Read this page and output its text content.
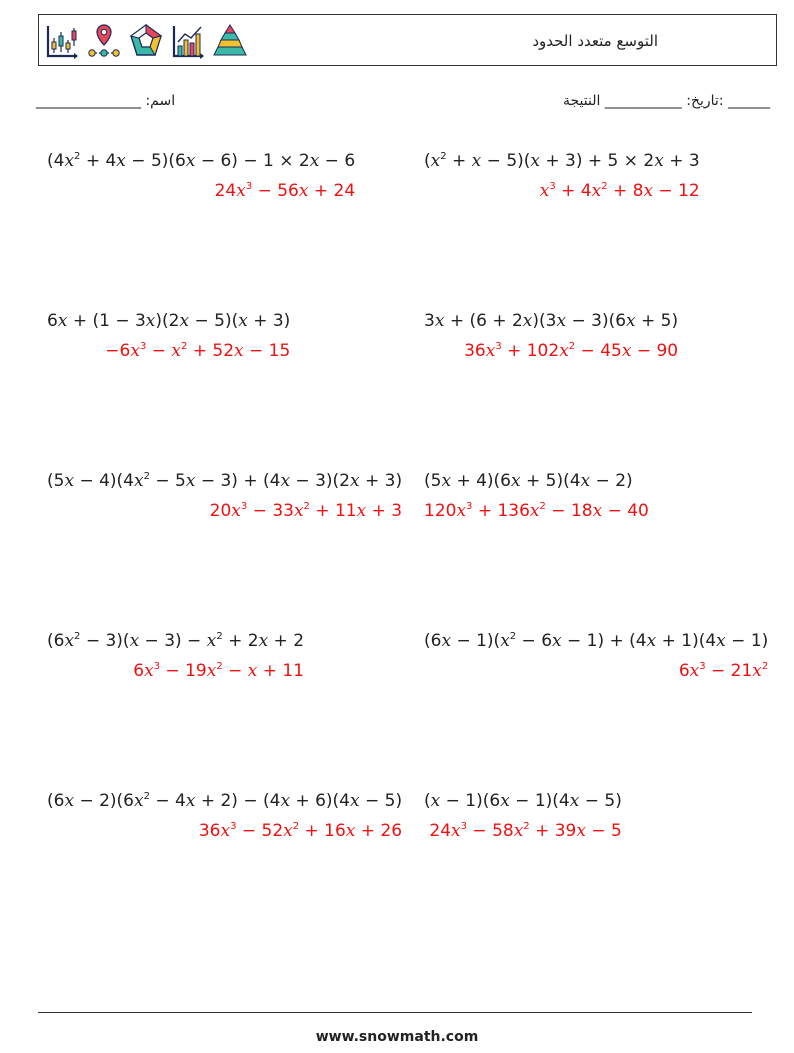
التوسع متعدد الحدود
_______________ :اسم	______ :تاريخ: ___________ النتيجة
$(4x^2 + 4x - 5)(6x - 6) - 1 \times 2x - 6$
$24x^3 - 56x + 24$
$(x^2 + x - 5)(x + 3) + 5 \times 2x + 3$
$x^3 + 4x^2 + 8x - 12$
6x + (1 − 3x)(2x − 5)(x + 3)
$-6x^3 - x^2 + 52x - 15$
3x + (6 + 2x)(3x − 3)(6x + 5)
$36x^3 + 102x^2 - 45x - 90$
$(5x - 4)(4x^2 - 5x - 3) + (4x - 3)(2x + 3)$
$20x^3 - 33x^2 + 11x + 3$
(5x + 4)(6x + 5)(4x − 2)
$120x^3 + 136x^2 - 18x - 40$
$(6x^2 - 3)(x - 3) - x^2 + 2x + 2$
$6x^3 - 19x^2 - x + 11$
$(6x - 1)(x^2 - 6x - 1) + (4x + 1)(4x - 1)$
$6x^3 - 21x^2$
$(6x - 2)(6x^2 - 4x + 2) - (4x + 6)(4x - 5)$
$36x^3 - 52x^2 + 16x + 26$
(x − 1)(6x − 1)(4x − 5)
$24x^3 - 58x^2 + 39x - 5$
www.snowmath.com
